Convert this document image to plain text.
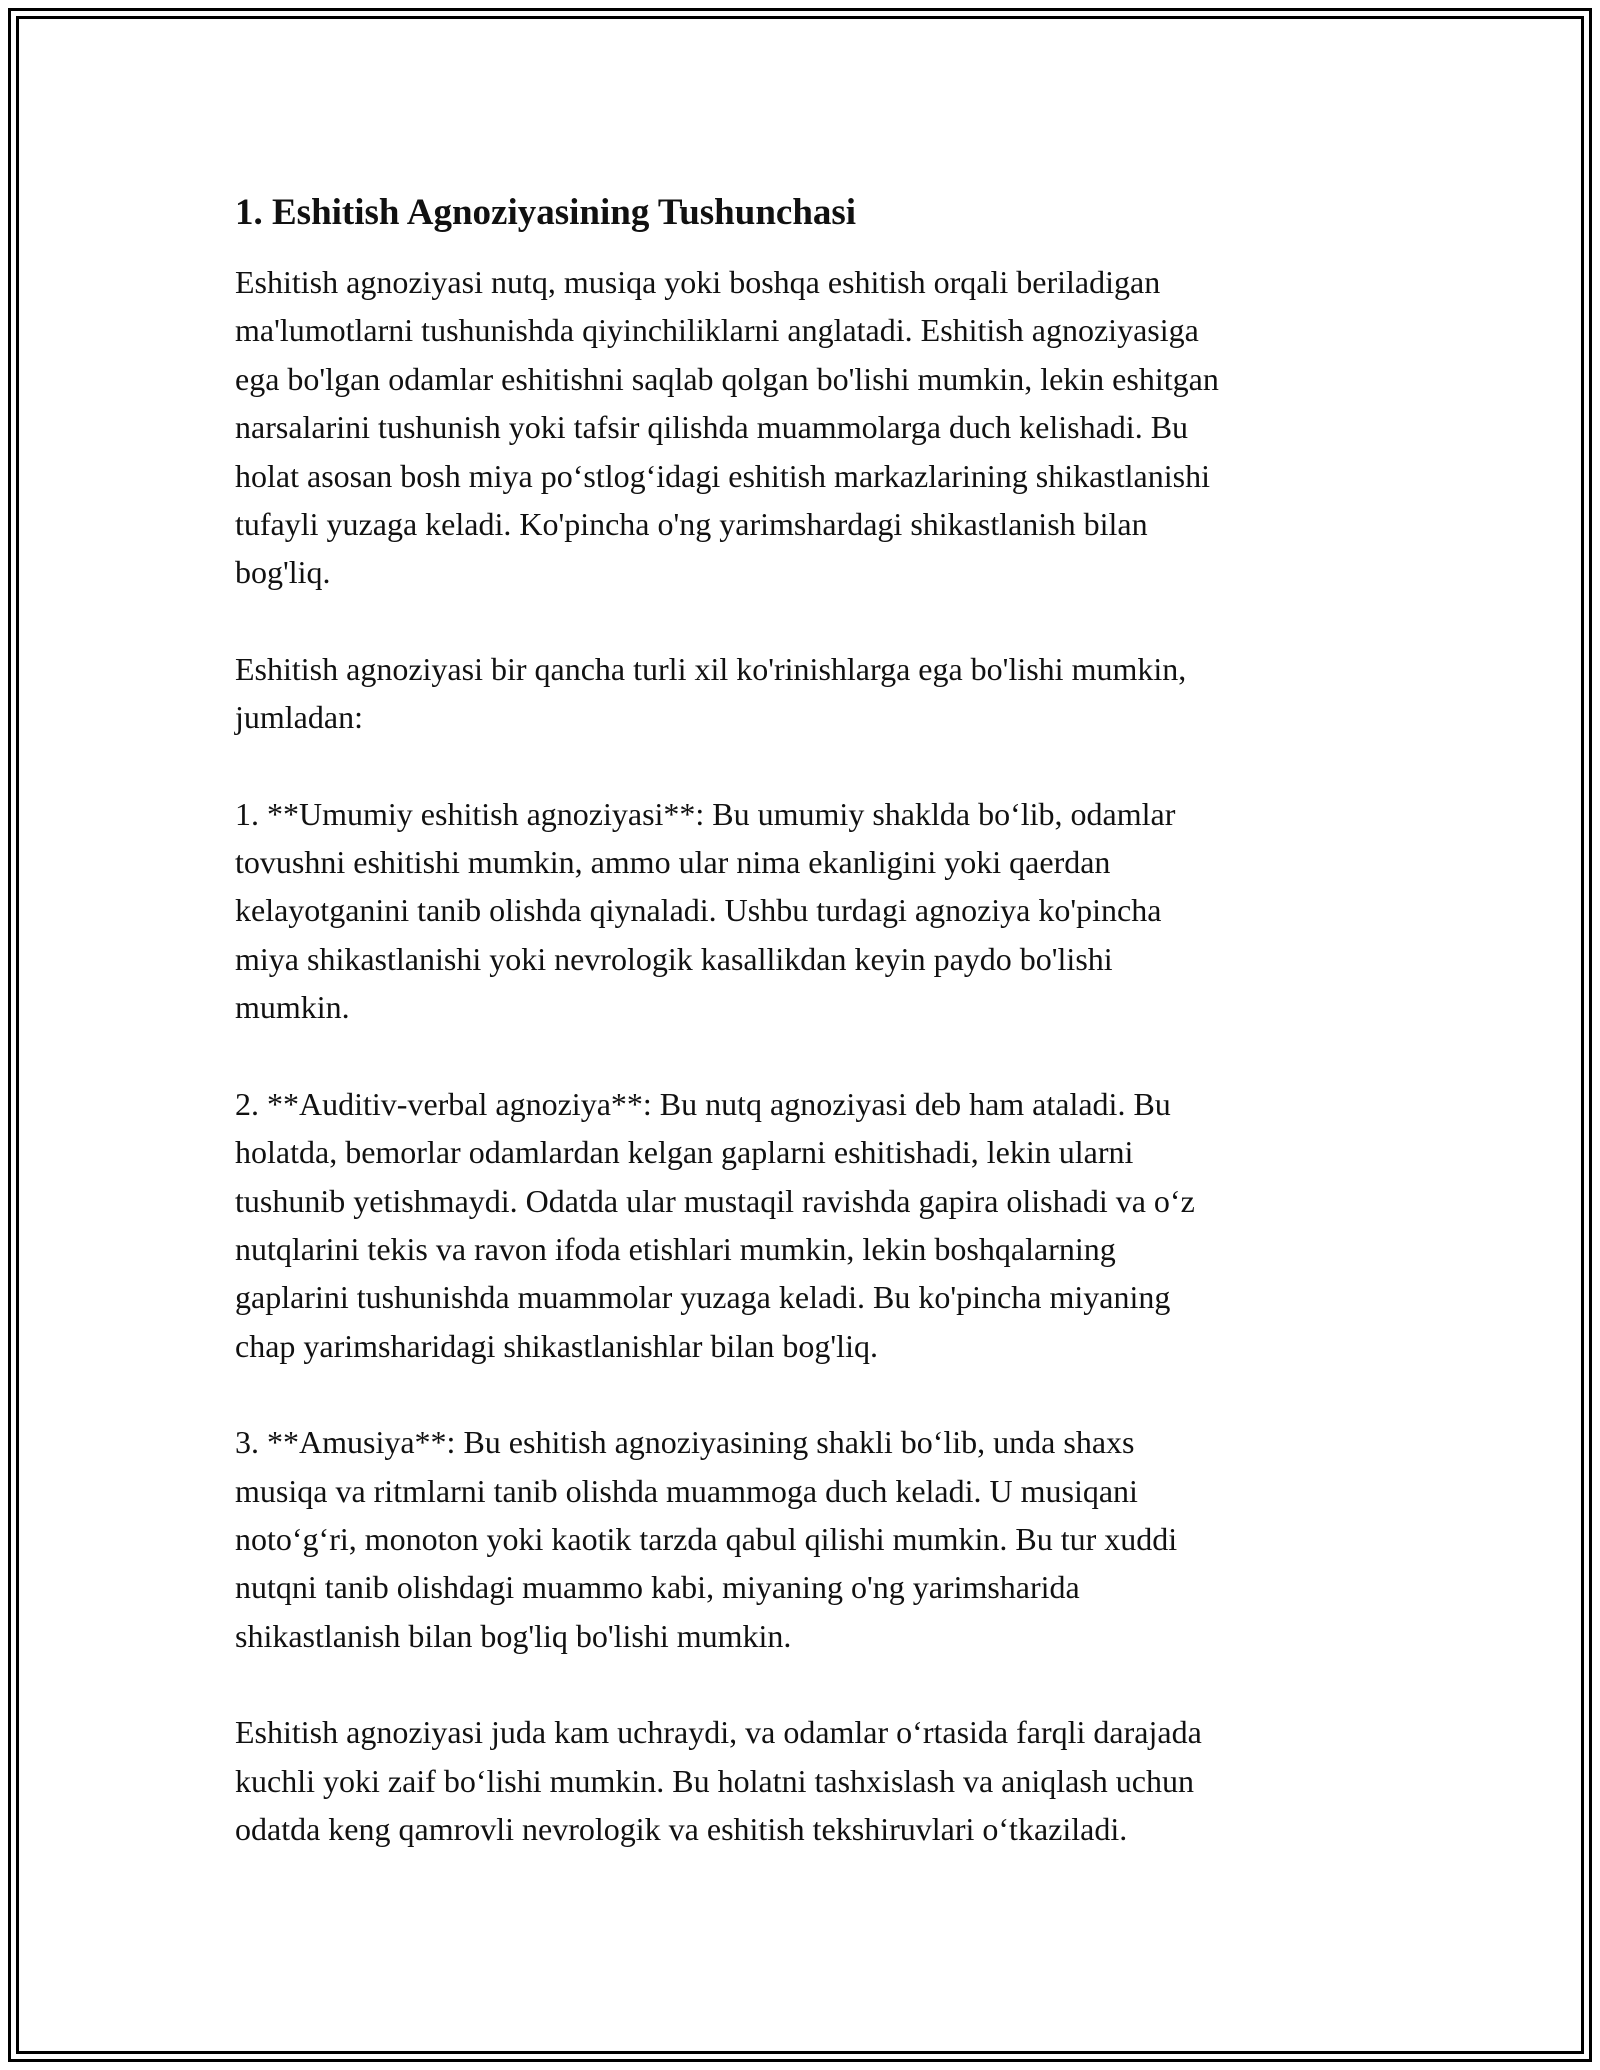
1. Eshitish Agnoziyasining Tushunchasi

Eshitish agnoziyasi nutq, musiqa yoki boshqa eshitish orqali beriladigan
ma'lumotlarni tushunishda qiyinchiliklarni anglatadi. Eshitish agnoziyasiga
ega bo'lgan odamlar eshitishni saqlab qolgan bo'lishi mumkin, lekin eshitgan
narsalarini tushunish yoki tafsir qilishda muammolarga duch kelishadi. Bu
holat asosan bosh miya po‘stlog‘idagi eshitish markazlarining shikastlanishi
tufayli yuzaga keladi. Ko'pincha o'ng yarimshardagi shikastlanish bilan
bog'liq.

Eshitish agnoziyasi bir qancha turli xil ko'rinishlarga ega bo'lishi mumkin,
jumladan:

1. **Umumiy eshitish agnoziyasi**: Bu umumiy shaklda bo‘lib, odamlar
tovushni eshitishi mumkin, ammo ular nima ekanligini yoki qaerdan
kelayotganini tanib olishda qiynaladi. Ushbu turdagi agnoziya ko'pincha
miya shikastlanishi yoki nevrologik kasallikdan keyin paydo bo'lishi
mumkin.

2. **Auditiv-verbal agnoziya**: Bu nutq agnoziyasi deb ham ataladi. Bu
holatda, bemorlar odamlardan kelgan gaplarni eshitishadi, lekin ularni
tushunib yetishmaydi. Odatda ular mustaqil ravishda gapira olishadi va o‘z
nutqlarini tekis va ravon ifoda etishlari mumkin, lekin boshqalarning
gaplarini tushunishda muammolar yuzaga keladi. Bu ko'pincha miyaning
chap yarimsharidagi shikastlanishlar bilan bog'liq.

3. **Amusiya**: Bu eshitish agnoziyasining shakli bo‘lib, unda shaxs
musiqa va ritmlarni tanib olishda muammoga duch keladi. U musiqani
noto‘g‘ri, monoton yoki kaotik tarzda qabul qilishi mumkin. Bu tur xuddi
nutqni tanib olishdagi muammo kabi, miyaning o'ng yarimsharida
shikastlanish bilan bog'liq bo'lishi mumkin.

Eshitish agnoziyasi juda kam uchraydi, va odamlar o‘rtasida farqli darajada
kuchli yoki zaif bo‘lishi mumkin. Bu holatni tashxislash va aniqlash uchun
odatda keng qamrovli nevrologik va eshitish tekshiruvlari o‘tkaziladi.
